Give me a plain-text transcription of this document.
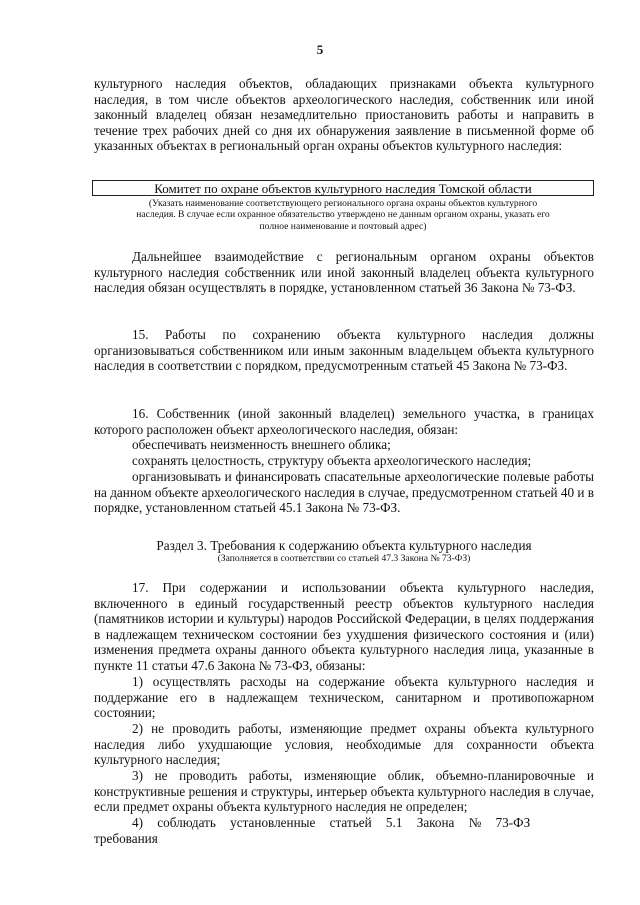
5

культурного наследия объектов, обладающих признаками объекта культурного наследия, в том числе объектов археологического наследия, собственник или иной законный владелец обязан незамедлительно приостановить работы и направить в течение трех рабочих дней со дня их обнаружения заявление в письменной форме об указанных объектах в региональный орган охраны объектов культурного наследия:

Комитет по охране объектов культурного наследия Томской области
(Указать наименование соответствующего регионального органа охраны объектов культурного наследия. В случае если охранное обязательство утверждено не данным органом охраны, указать его полное наименование и почтовый адрес)

Дальнейшее взаимодействие с региональным органом охраны объектов культурного наследия собственник или иной законный владелец объекта культурного наследия обязан осуществлять в порядке, установленном статьей 36 Закона № 73-ФЗ.

15. Работы по сохранению объекта культурного наследия должны организовываться собственником или иным законным владельцем объекта культурного наследия в соответствии с порядком, предусмотренным статьей 45 Закона № 73-ФЗ.

16. Собственник (иной законный владелец) земельного участка, в границах которого расположен объект археологического наследия, обязан:

обеспечивать неизменность внешнего облика;

сохранять целостность, структуру объекта археологического наследия;

организовывать и финансировать спасательные археологические полевые работы на данном объекте археологического наследия в случае, предусмотренном статьей 40 и в порядке, установленном статьей 45.1 Закона № 73-ФЗ.

Раздел 3. Требования к содержанию объекта культурного наследия
(Заполняется в соответствии со статьей 47.3 Закона № 73-ФЗ)

17. При содержании и использовании объекта культурного наследия, включенного в единый государственный реестр объектов культурного наследия (памятников истории и культуры) народов Российской Федерации, в целях поддержания в надлежащем техническом состоянии без ухудшения физического состояния и (или) изменения предмета охраны данного объекта культурного наследия лица, указанные в пункте 11 статьи 47.6 Закона № 73-ФЗ, обязаны:

1) осуществлять расходы на содержание объекта культурного наследия и поддержание его в надлежащем техническом, санитарном и противопожарном состоянии;

2) не проводить работы, изменяющие предмет охраны объекта культурного наследия либо ухудшающие условия, необходимые для сохранности объекта культурного наследия;

3) не проводить работы, изменяющие облик, объемно-планировочные и конструктивные решения и структуры, интерьер объекта культурного наследия в случае, если предмет охраны объекта культурного наследия не определен;

4) соблюдать установленные статьей 5.1 Закона № 73-ФЗ требования
